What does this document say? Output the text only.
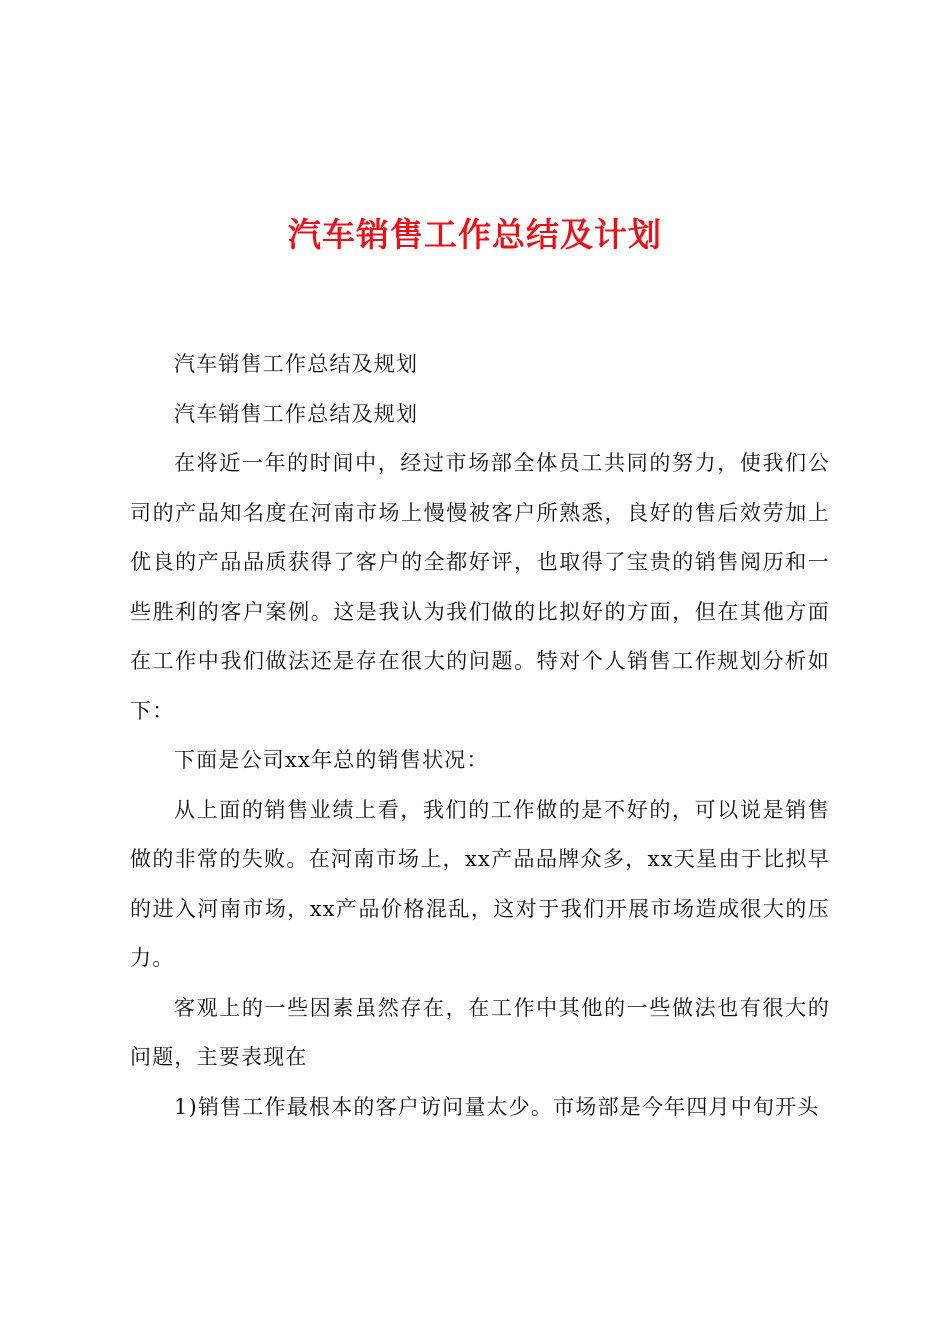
汽车销售工作总结及计划

汽车销售工作总结及规划

汽车销售工作总结及规划

在将近一年的时间中，经过市场部全体员工共同的努力，使我们公司的产品知名度在河南市场上慢慢被客户所熟悉，良好的售后效劳加上优良的产品品质获得了客户的全都好评，也取得了宝贵的销售阅历和一些胜利的客户案例。这是我认为我们做的比拟好的方面，但在其他方面在工作中我们做法还是存在很大的问题。特对个人销售工作规划分析如下：

下面是公司xx年总的销售状况：

从上面的销售业绩上看，我们的工作做的是不好的，可以说是销售做的非常的失败。在河南市场上，xx产品品牌众多，xx天星由于比拟早的进入河南市场，xx产品价格混乱，这对于我们开展市场造成很大的压力。

客观上的一些因素虽然存在，在工作中其他的一些做法也有很大的问题，主要表现在

1)销售工作最根本的客户访问量太少。市场部是今年四月中旬开头
